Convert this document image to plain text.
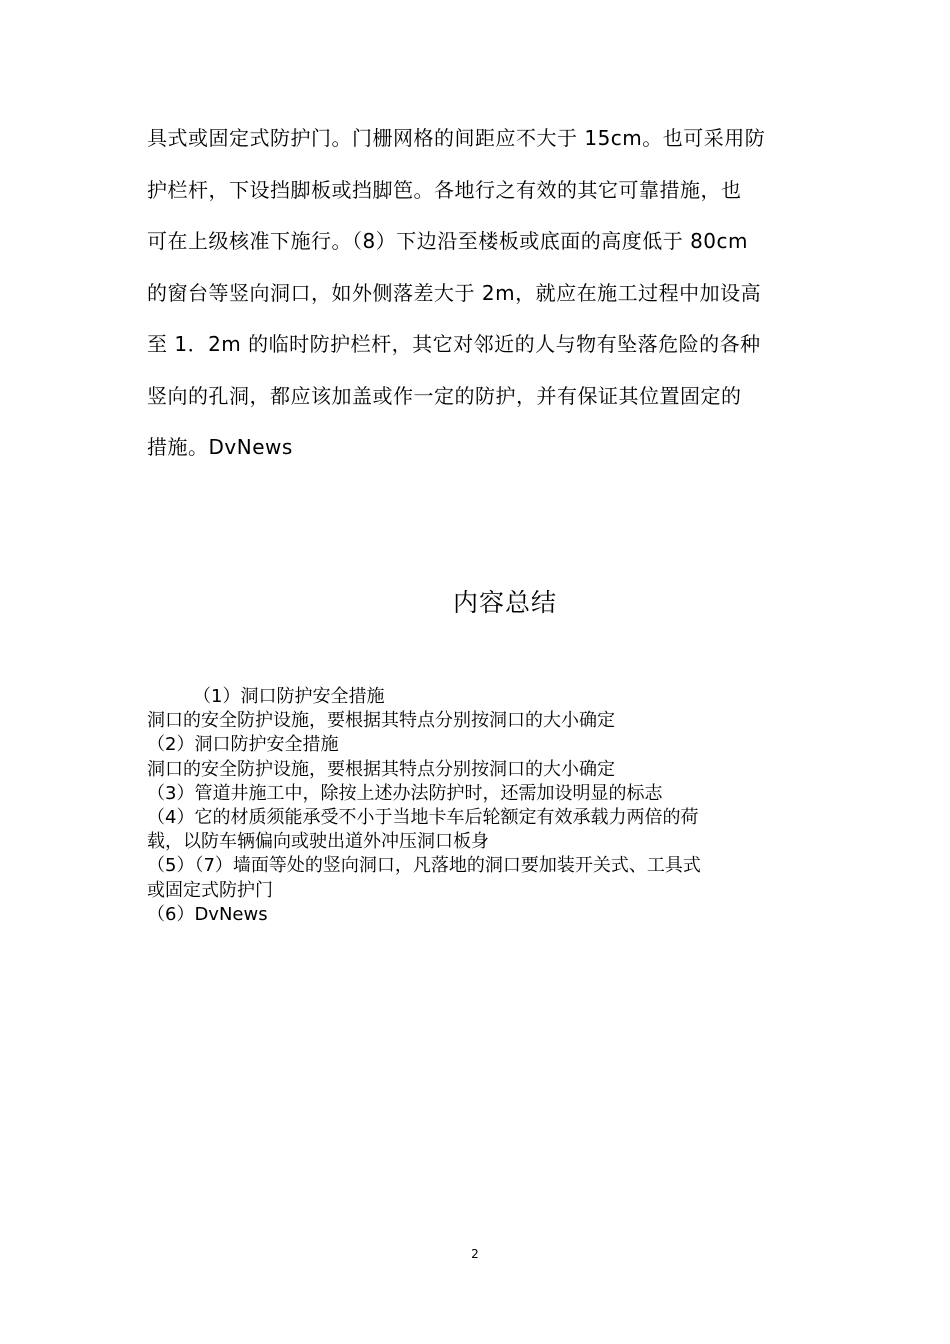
具式或固定式防护门。门栅网格的间距应不大于 15cm。也可采用防
护栏杆，下设挡脚板或挡脚笆。各地行之有效的其它可靠措施，也
可在上级核准下施行。（8）下边沿至楼板或底面的高度低于 80cm
的窗台等竖向洞口，如外侧落差大于 2m，就应在施工过程中加设高
至 1．2m 的临时防护栏杆，其它对邻近的人与物有坠落危险的各种
竖向的孔洞，都应该加盖或作一定的防护，并有保证其位置固定的
措施。DvNews
内容总结
（1）洞口防护安全措施
洞口的安全防护设施，要根据其特点分别按洞口的大小确定
（2）洞口防护安全措施
洞口的安全防护设施，要根据其特点分别按洞口的大小确定
（3）管道井施工中，除按上述办法防护时，还需加设明显的标志
（4）它的材质须能承受不小于当地卡车后轮额定有效承载力两倍的荷
载，以防车辆偏向或驶出道外冲压洞口板身
（5）（7）墙面等处的竖向洞口，凡落地的洞口要加装开关式、工具式
或固定式防护门
（6）DvNews
2
